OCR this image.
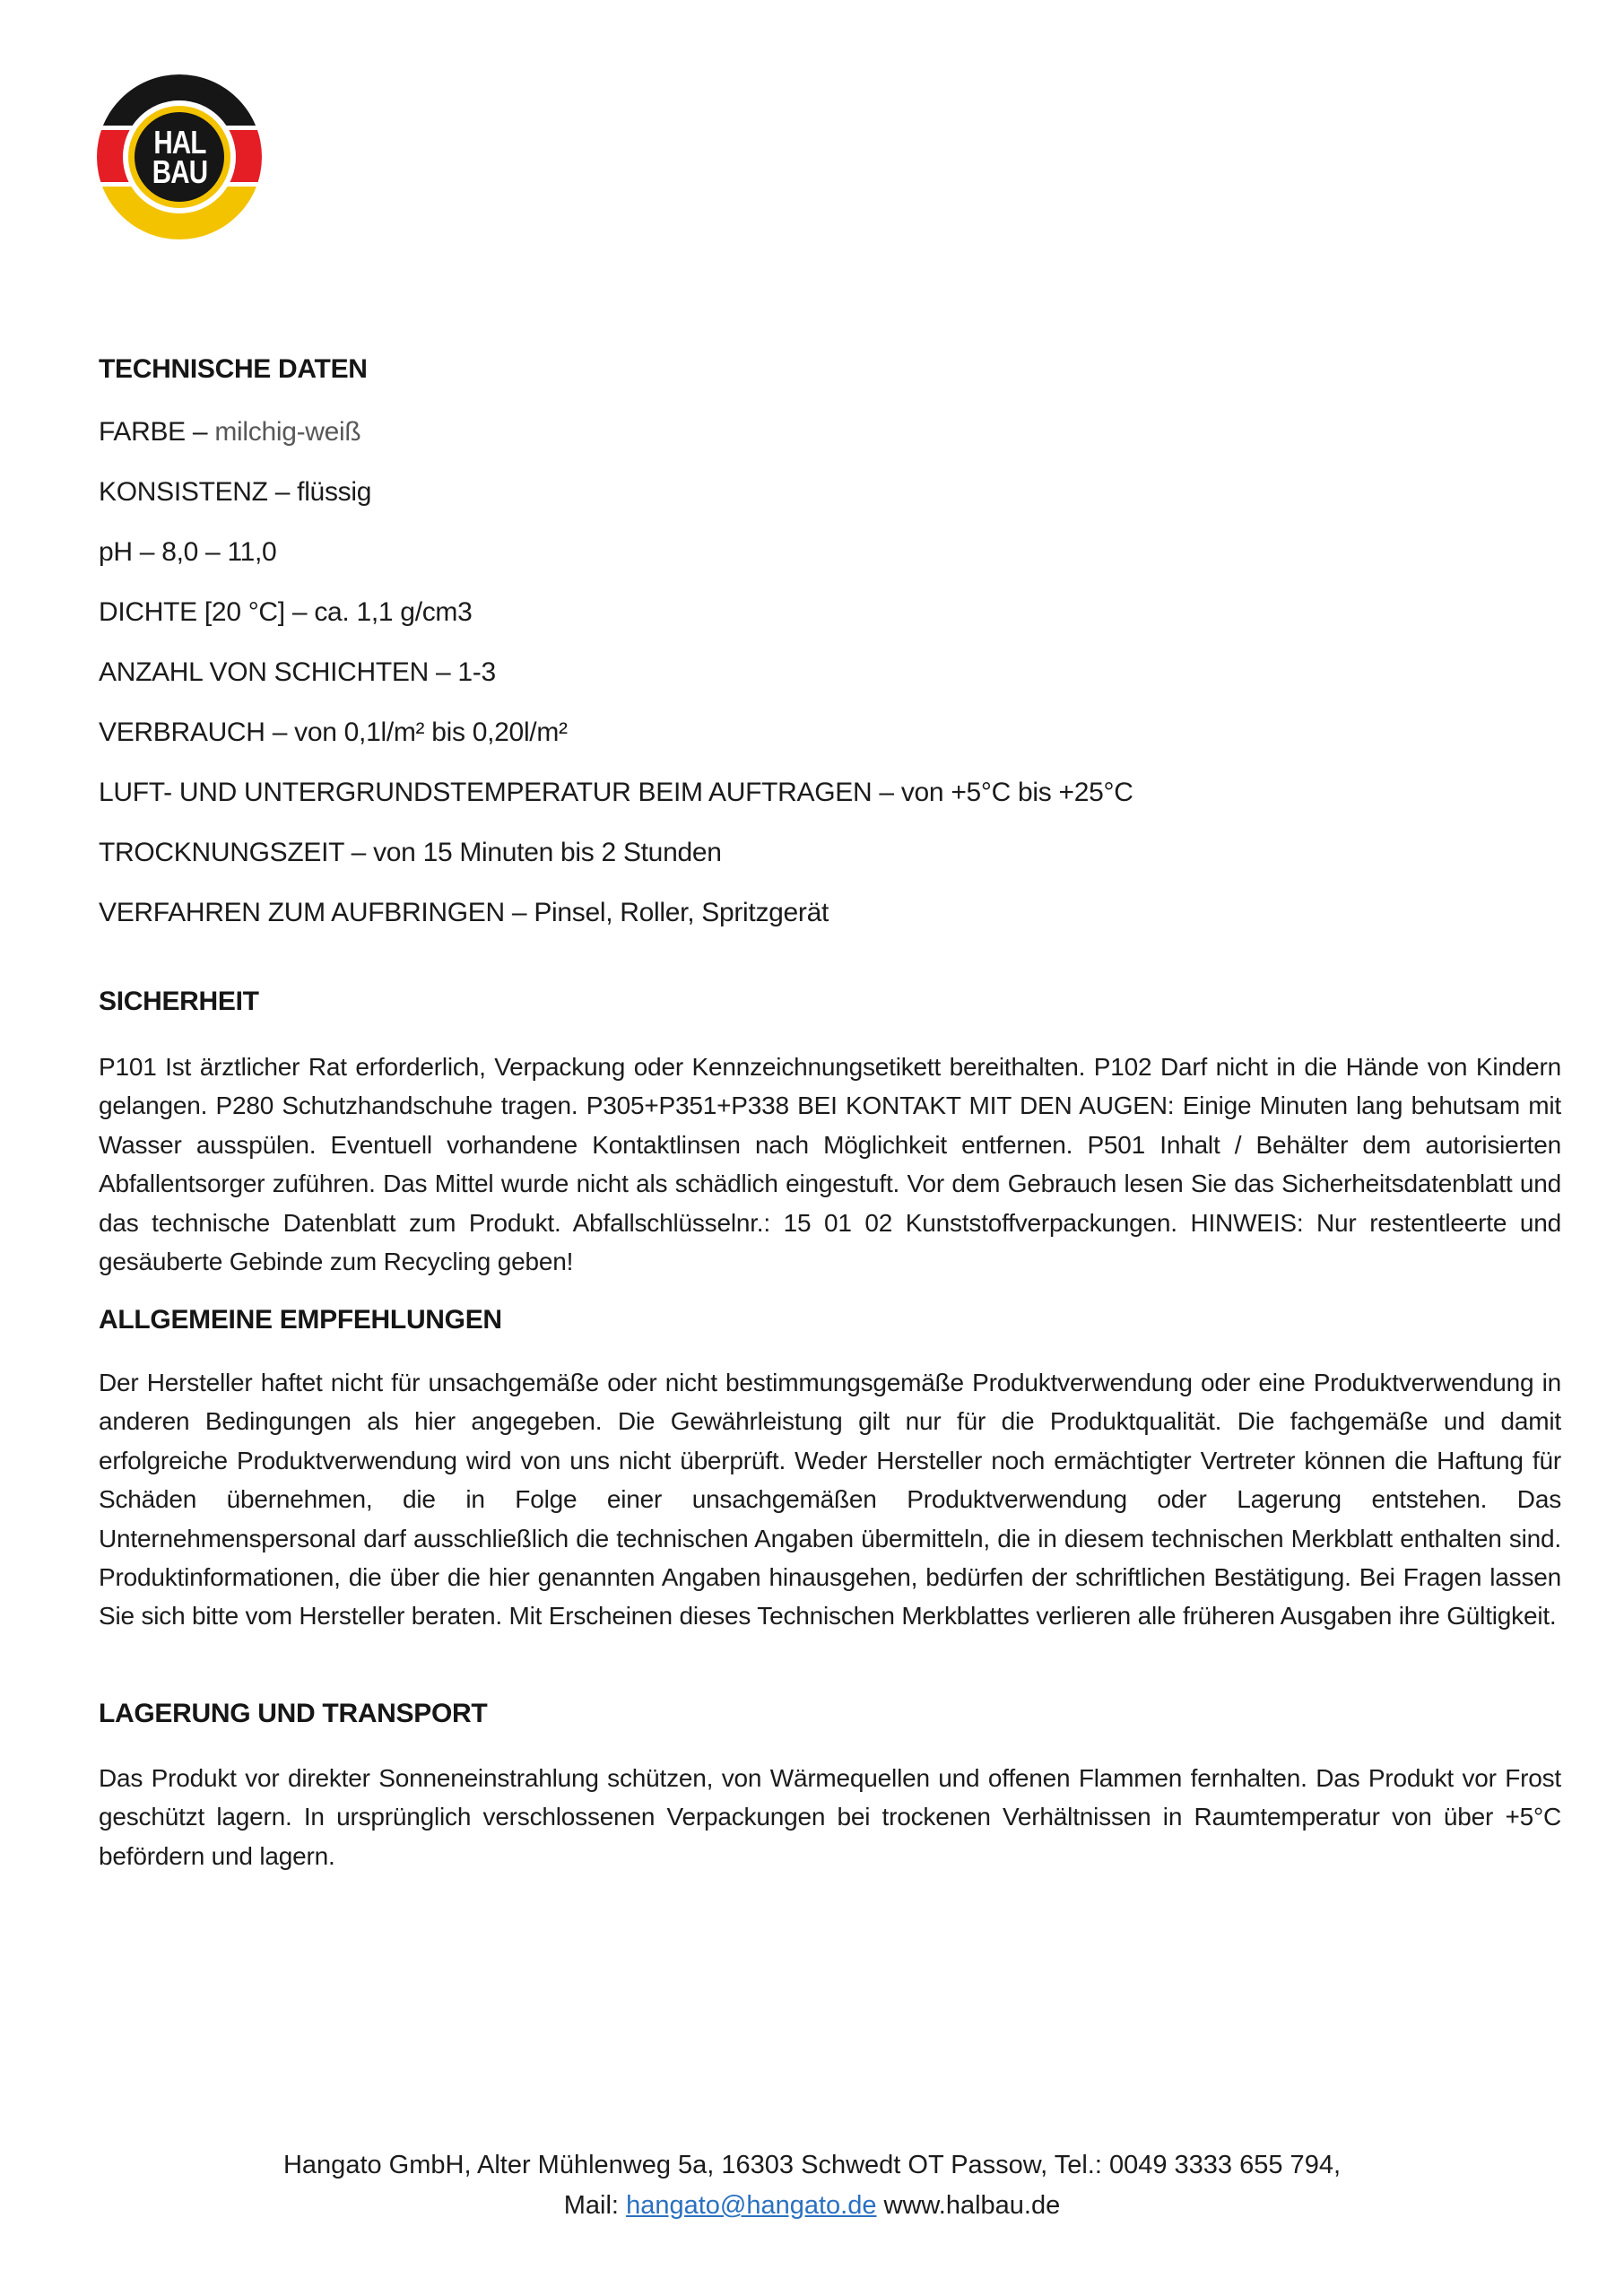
HAL
BAU
TECHNISCHE DATEN

FARBE – milchig-weiß

KONSISTENZ – flüssig

pH – 8,0 – 11,0

DICHTE [20 °C] – ca. 1,1 g/cm3

ANZAHL VON SCHICHTEN – 1-3

VERBRAUCH – von 0,1l/m² bis 0,20l/m²

LUFT- UND UNTERGRUNDSTEMPERATUR BEIM AUFTRAGEN – von +5°C bis +25°C

TROCKNUNGSZEIT – von 15 Minuten bis 2 Stunden

VERFAHREN ZUM AUFBRINGEN – Pinsel, Roller, Spritzgerät

SICHERHEIT

P101 Ist ärztlicher Rat erforderlich, Verpackung oder Kennzeichnungsetikett bereithalten. P102 Darf nicht in die Hände von Kindern gelangen. P280 Schutzhandschuhe tragen. P305+P351+P338 BEI KONTAKT MIT DEN AUGEN: Einige Minuten lang behutsam mit Wasser ausspülen. Eventuell vorhandene Kontaktlinsen nach Möglichkeit entfernen. P501 Inhalt / Behälter dem autorisierten Abfallentsorger zuführen. Das Mittel wurde nicht als schädlich eingestuft. Vor dem Gebrauch lesen Sie das Sicherheitsdatenblatt und das technische Datenblatt zum Produkt. Abfallschlüsselnr.: 15 01 02 Kunststoffverpackungen. HINWEIS: Nur restentleerte und gesäuberte Gebinde zum Recycling geben!

ALLGEMEINE EMPFEHLUNGEN

Der Hersteller haftet nicht für unsachgemäße oder nicht bestimmungsgemäße Produktverwendung oder eine Produktverwendung in anderen Bedingungen als hier angegeben. Die Gewährleistung gilt nur für die Produktqualität. Die fachgemäße und damit erfolgreiche Produktverwendung wird von uns nicht überprüft. Weder Hersteller noch ermächtigter Vertreter können die Haftung für Schäden übernehmen, die in Folge einer unsachgemäßen Produktverwendung oder Lagerung entstehen. Das Unternehmenspersonal darf ausschließlich die technischen Angaben übermitteln, die in diesem technischen Merkblatt enthalten sind. Produktinformationen, die über die hier genannten Angaben hinausgehen, bedürfen der schriftlichen Bestätigung. Bei Fragen lassen Sie sich bitte vom Hersteller beraten. Mit Erscheinen dieses Technischen Merkblattes verlieren alle früheren Ausgaben ihre Gültigkeit.

LAGERUNG UND TRANSPORT

Das Produkt vor direkter Sonneneinstrahlung schützen, von Wärmequellen und offenen Flammen fernhalten. Das Produkt vor Frost geschützt lagern. In ursprünglich verschlossenen Verpackungen bei trockenen Verhältnissen in Raumtemperatur von über +5°C befördern und lagern.

Hangato GmbH, Alter Mühlenweg 5a, 16303 Schwedt OT Passow, Tel.: 0049 3333 655 794,

Mail: hangato@hangato.de www.halbau.de
